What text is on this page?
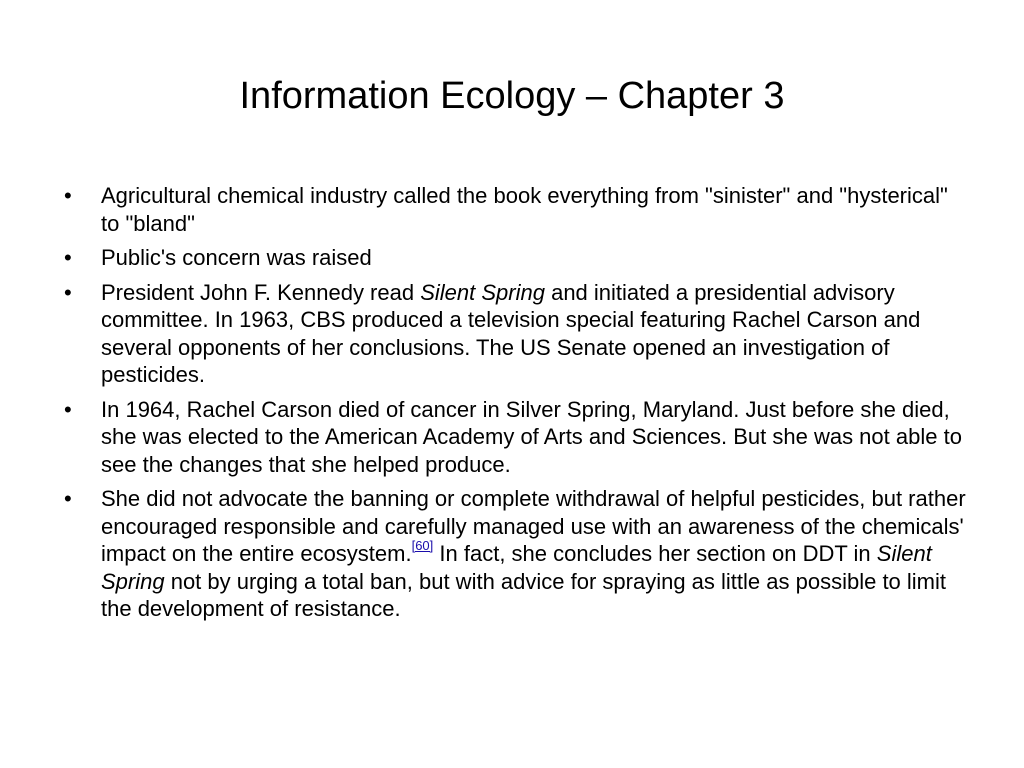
Information Ecology – Chapter 3
• Agricultural chemical industry called the book everything from "sinister" and "hysterical" to "bland"
• Public's concern was raised
• President John F. Kennedy read Silent Spring and initiated a presidential advisory committee. In 1963, CBS produced a television special featuring Rachel Carson and several opponents of her conclusions. The US Senate opened an investigation of pesticides.
• In 1964, Rachel Carson died of cancer in Silver Spring, Maryland. Just before she died, she was elected to the American Academy of Arts and Sciences. But she was not able to see the changes that she helped produce.
• She did not advocate the banning or complete withdrawal of helpful pesticides, but rather encouraged responsible and carefully managed use with an awareness of the chemicals' impact on the entire ecosystem.[60] In fact, she concludes her section on DDT in Silent Spring not by urging a total ban, but with advice for spraying as little as possible to limit the development of resistance.
